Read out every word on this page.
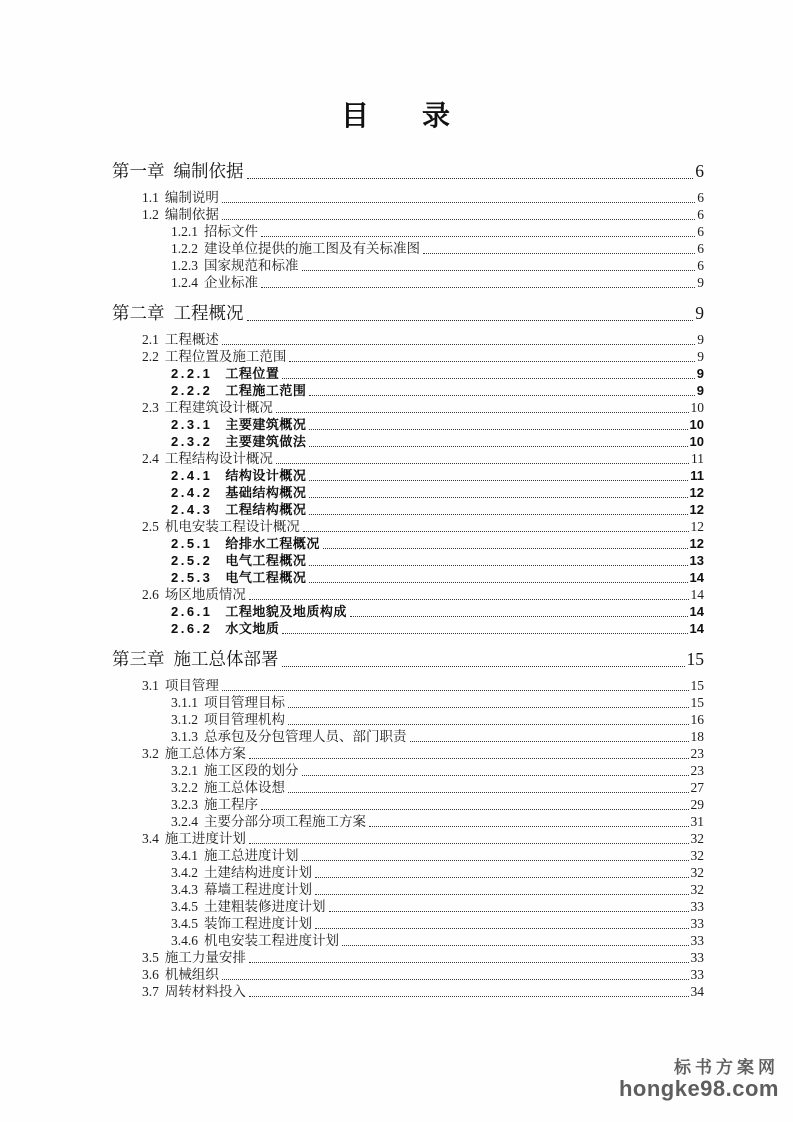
目 录
第一章 编制依据	6
1.1 编制说明	6
1.2 编制依据	6
1.2.1 招标文件	6
1.2.2 建设单位提供的施工图及有关标准图	6
1.2.3 国家规范和标准	6
1.2.4 企业标准	9
第二章 工程概况	9
2.1 工程概述	9
2.2 工程位置及施工范围	9
2.2.1 工程位置	9
2.2.2 工程施工范围	9
2.3 工程建筑设计概况	10
2.3.1 主要建筑概况	10
2.3.2 主要建筑做法	10
2.4 工程结构设计概况	11
2.4.1 结构设计概况	11
2.4.2 基础结构概况	12
2.4.3 工程结构概况	12
2.5 机电安装工程设计概况	12
2.5.1 给排水工程概况	12
2.5.2 电气工程概况	13
2.5.3 电气工程概况	14
2.6 场区地质情况	14
2.6.1 工程地貌及地质构成	14
2.6.2 水文地质	14
第三章 施工总体部署	15
3.1 项目管理	15
3.1.1 项目管理目标	15
3.1.2 项目管理机构	16
3.1.3 总承包及分包管理人员、部门职责	18
3.2 施工总体方案	23
3.2.1 施工区段的划分	23
3.2.2 施工总体设想	27
3.2.3 施工程序	29
3.2.4 主要分部分项工程施工方案	31
3.4 施工进度计划	32
3.4.1 施工总进度计划	32
3.4.2 土建结构进度计划	32
3.4.3 幕墙工程进度计划	32
3.4.5 土建粗装修进度计划	33
3.4.5 装饰工程进度计划	33
3.4.6 机电安装工程进度计划	33
3.5 施工力量安排	33
3.6 机械组织	33
3.7 周转材料投入	34
标书方案网
hongke98.com
